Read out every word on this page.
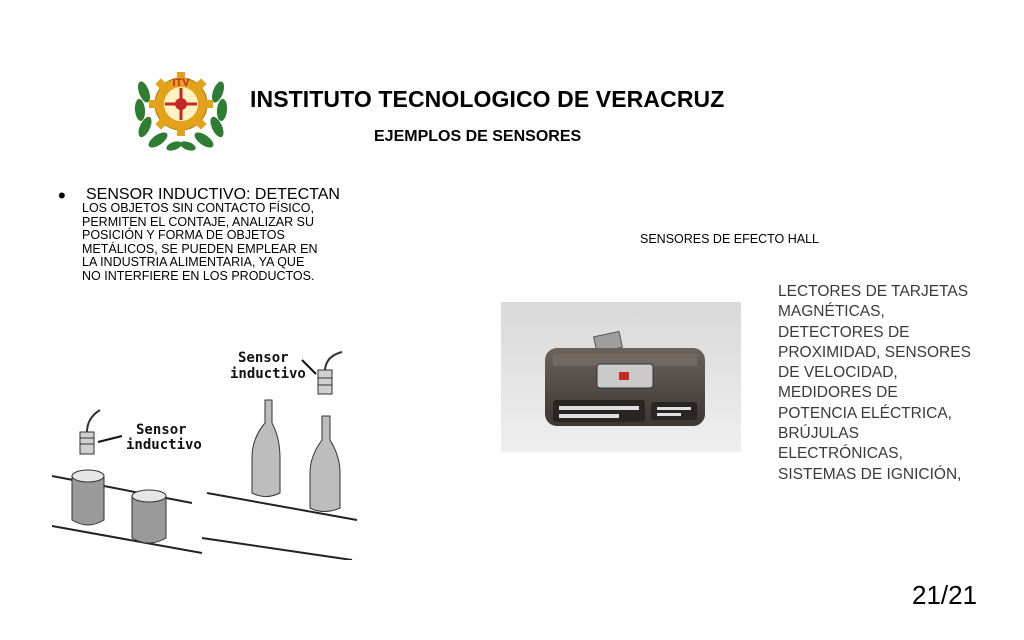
ITV
INSTITUTO TECNOLOGICO DE VERACRUZ
EJEMPLOS DE SENSORES
• SENSOR INDUCTIVO: DETECTAN
LOS OBJETOS SIN CONTACTO FÍSICO,
PERMITEN EL CONTAJE, ANALIZAR SU
POSICIÓN Y FORMA DE OBJETOS
METÁLICOS, SE PUEDEN EMPLEAR EN
LA INDUSTRIA ALIMENTARIA, YA QUE
NO INTERFIERE EN LOS PRODUCTOS.
Sensor
inductivo
Sensor
inductivo
SENSORES DE EFECTO HALL
LECTORES DE TARJETAS
MAGNÉTICAS,
DETECTORES DE
PROXIMIDAD, SENSORES
DE VELOCIDAD,
MEDIDORES DE
POTENCIA ELÉCTRICA,
BRÚJULAS
ELECTRÓNICAS,
SISTEMAS DE IGNICIÓN,
21/21
